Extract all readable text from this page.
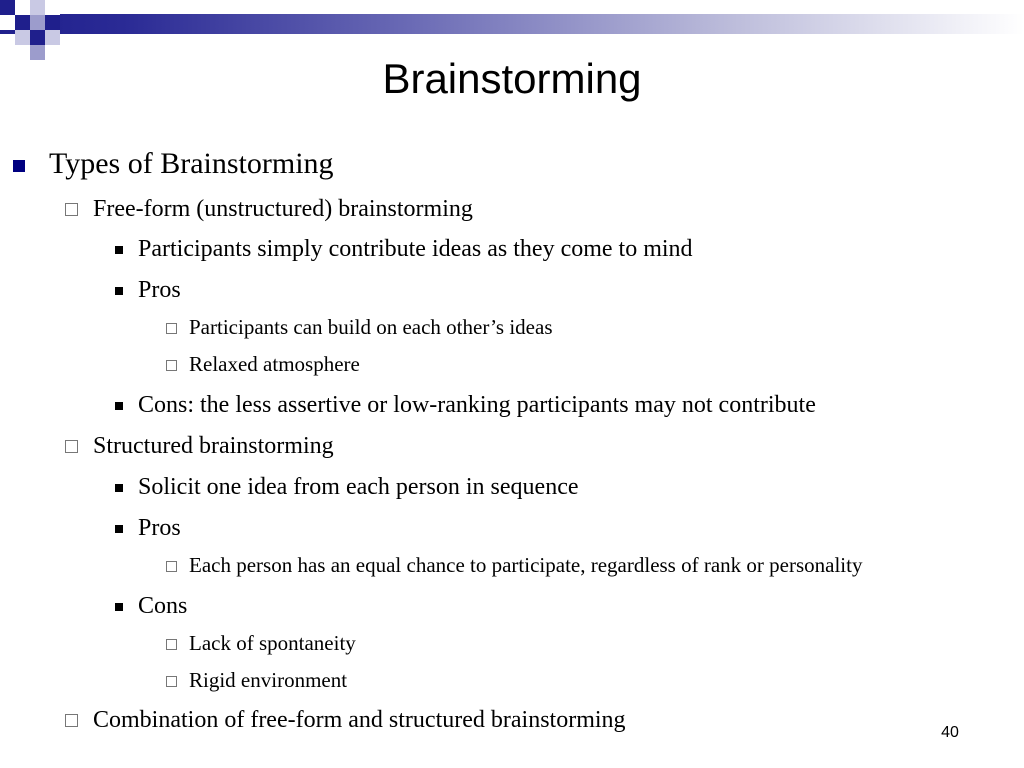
Brainstorming
Types of Brainstorming
Free-form (unstructured) brainstorming
Participants simply contribute ideas as they come to mind
Pros
Participants can build on each other’s ideas
Relaxed atmosphere
Cons: the less assertive or low-ranking participants may not contribute
Structured brainstorming
Solicit one idea from each person in sequence
Pros
Each person has an equal chance to participate, regardless of rank or personality
Cons
Lack of spontaneity
Rigid environment
Combination of free-form and structured brainstorming	40
